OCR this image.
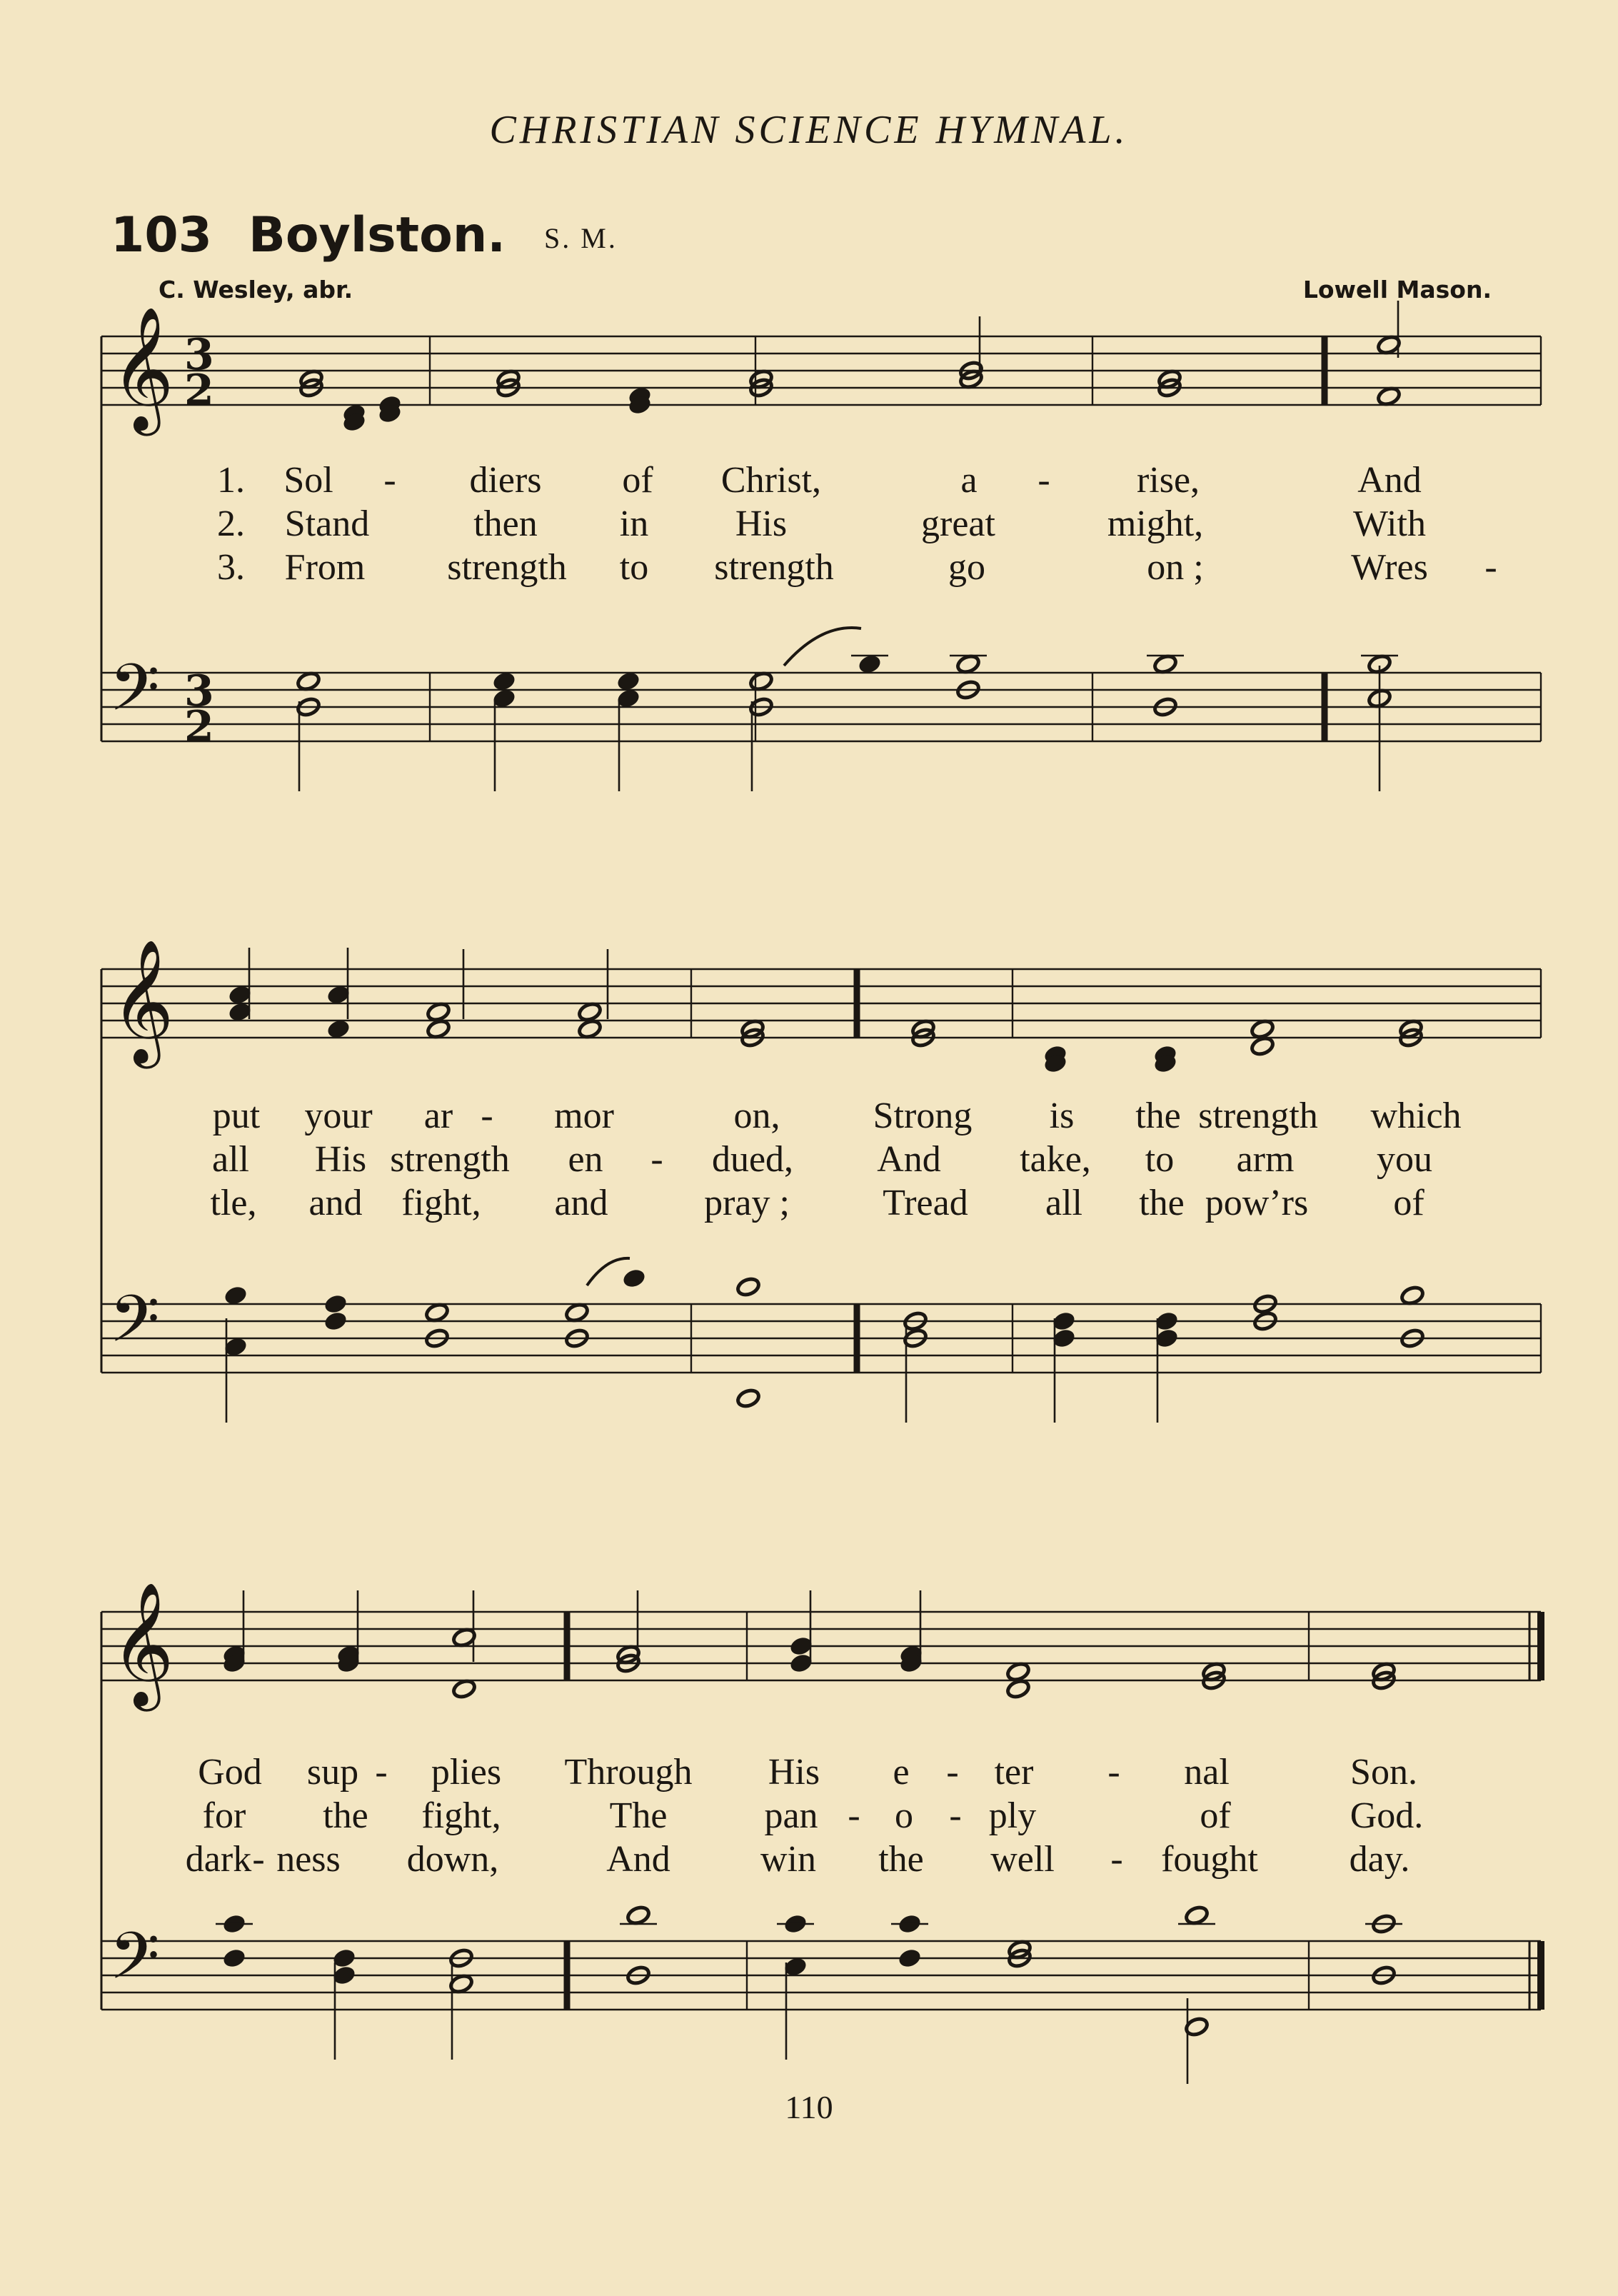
CHRISTIAN SCIENCE HYMNAL.
103 Boylston. S. M.
C. Wesley, abr.	Lowell Mason.
𝄞
𝄢
3
2
3
2
𝄞
𝄢
𝄞
𝄢
1.
2.
3.
Sol - diers of Christ,	a - rise,	And
Stand	then in His	great	might,	With
From strength to strength	go	on ;	Wres -
put your ar - mor	on,	Strong is the strength which
all His strength en - dued, And take, to arm you
tle, and fight, and	pray ;	Tread all the pow’rs of
God sup - plies Through His e - ter - nal	Son.
for the fight,	The	pan - o - ply	of	God.
dark - ness down,	And win the well - fought day.
110
